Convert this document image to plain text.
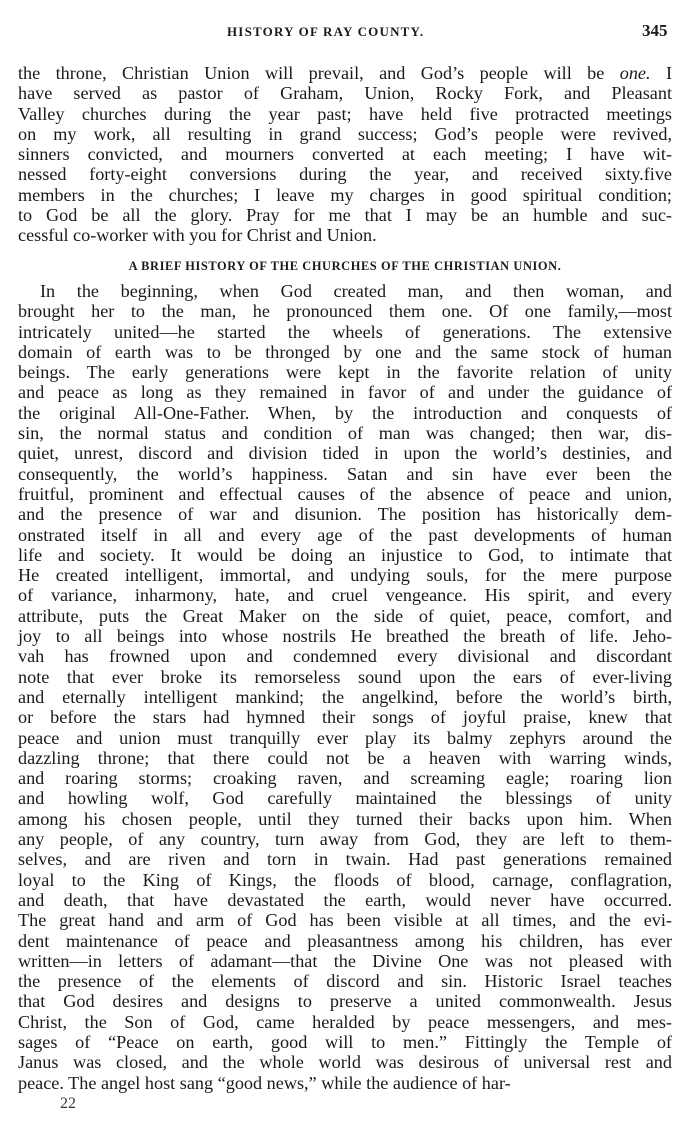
HISTORY OF RAY COUNTY.	345
the throne, Christian Union will prevail, and God’s people will be one. I
have served as pastor of Graham, Union, Rocky Fork, and Pleasant
Valley churches during the year past; have held five protracted meetings
on my work, all resulting in grand success; God’s people were revived,
sinners convicted, and mourners converted at each meeting; I have wit-
nessed forty-eight conversions during the year, and received sixty.five
members in the churches; I leave my charges in good spiritual condition;
to God be all the glory. Pray for me that I may be an humble and suc-
cessful co-worker with you for Christ and Union.
A BRIEF HISTORY OF THE CHURCHES OF THE CHRISTIAN UNION.
In the beginning, when God created man, and then woman, and
brought her to the man, he pronounced them one. Of one family,—most
intricately united—he started the wheels of generations. The extensive
domain of earth was to be thronged by one and the same stock of human
beings. The early generations were kept in the favorite relation of unity
and peace as long as they remained in favor of and under the guidance of
the original All-One-Father. When, by the introduction and conquests of
sin, the normal status and condition of man was changed; then war, dis-
quiet, unrest, discord and division tided in upon the world’s destinies, and
consequently, the world’s happiness. Satan and sin have ever been the
fruitful, prominent and effectual causes of the absence of peace and union,
and the presence of war and disunion. The position has historically dem-
onstrated itself in all and every age of the past developments of human
life and society. It would be doing an injustice to God, to intimate that
He created intelligent, immortal, and undying souls, for the mere purpose
of variance, inharmony, hate, and cruel vengeance. His spirit, and every
attribute, puts the Great Maker on the side of quiet, peace, comfort, and
joy to all beings into whose nostrils He breathed the breath of life. Jeho-
vah has frowned upon and condemned every divisional and discordant
note that ever broke its remorseless sound upon the ears of ever-living
and eternally intelligent mankind; the angelkind, before the world’s birth,
or before the stars had hymned their songs of joyful praise, knew that
peace and union must tranquilly ever play its balmy zephyrs around the
dazzling throne; that there could not be a heaven with warring winds,
and roaring storms; croaking raven, and screaming eagle; roaring lion
and howling wolf, God carefully maintained the blessings of unity
among his chosen people, until they turned their backs upon him. When
any people, of any country, turn away from God, they are left to them-
selves, and are riven and torn in twain. Had past generations remained
loyal to the King of Kings, the floods of blood, carnage, conflagration,
and death, that have devastated the earth, would never have occurred.
The great hand and arm of God has been visible at all times, and the evi-
dent maintenance of peace and pleasantness among his children, has ever
written—in letters of adamant—that the Divine One was not pleased with
the presence of the elements of discord and sin. Historic Israel teaches
that God desires and designs to preserve a united commonwealth. Jesus
Christ, the Son of God, came heralded by peace messengers, and mes-
sages of “Peace on earth, good will to men.” Fittingly the Temple of
Janus was closed, and the whole world was desirous of universal rest and
peace. The angel host sang “good news,” while the audience of har-
22
